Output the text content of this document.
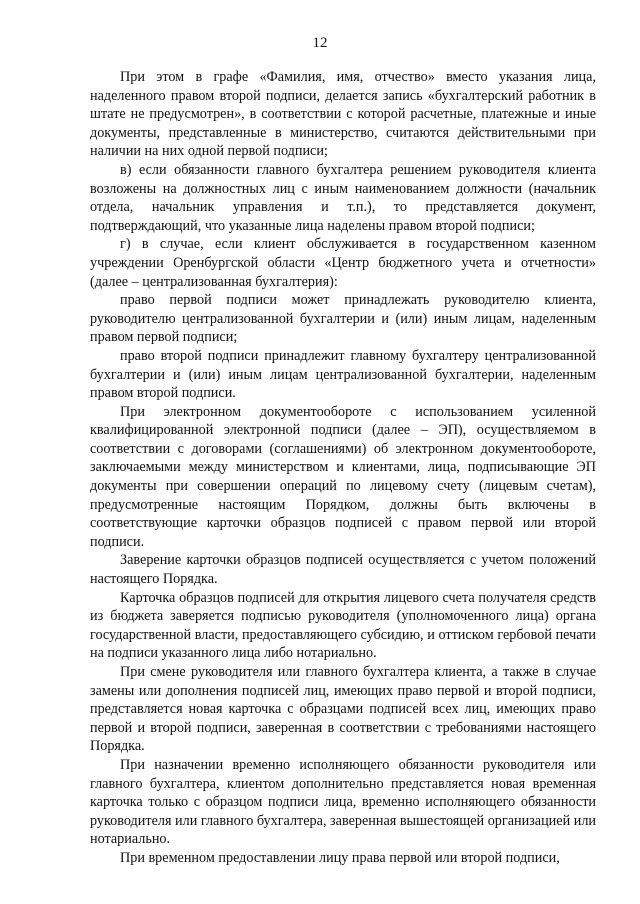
12

При этом в графе «Фамилия, имя, отчество» вместо указания лица, наделенного правом второй подписи, делается запись «бухгалтерский работник в штате не предусмотрен», в соответствии с которой расчетные, платежные и иные документы, представленные в министерство, считаются действительными при наличии на них одной первой подписи;

в) если обязанности главного бухгалтера решением руководителя клиента возложены на должностных лиц с иным наименованием должности (начальник отдела, начальник управления и т.п.), то представляется документ, подтверждающий, что указанные лица наделены правом второй подписи;

г) в случае, если клиент обслуживается в государственном казенном учреждении Оренбургской области «Центр бюджетного учета и отчетности» (далее – централизованная бухгалтерия):

право первой подписи может принадлежать руководителю клиента, руководителю централизованной бухгалтерии и (или) иным лицам, наделенным правом первой подписи;

право второй подписи принадлежит главному бухгалтеру централизованной бухгалтерии и (или) иным лицам централизованной бухгалтерии, наделенным правом второй подписи.

При электронном документообороте с использованием усиленной квалифицированной электронной подписи (далее – ЭП), осуществляемом в соответствии с договорами (соглашениями) об электронном документообороте, заключаемыми между министерством и клиентами, лица, подписывающие ЭП документы при совершении операций по лицевому счету (лицевым счетам), предусмотренные настоящим Порядком, должны быть включены в соответствующие карточки образцов подписей с правом первой или второй подписи.

Заверение карточки образцов подписей осуществляется с учетом положений настоящего Порядка.

Карточка образцов подписей для открытия лицевого счета получателя средств из бюджета заверяется подписью руководителя (уполномоченного лица) органа государственной власти, предоставляющего субсидию, и оттиском гербовой печати на подписи указанного лица либо нотариально.

При смене руководителя или главного бухгалтера клиента, а также в случае замены или дополнения подписей лиц, имеющих право первой и второй подписи, представляется новая карточка с образцами подписей всех лиц, имеющих право первой и второй подписи, заверенная в соответствии с требованиями настоящего Порядка.

При назначении временно исполняющего обязанности руководителя или главного бухгалтера, клиентом дополнительно представляется новая временная карточка только с образцом подписи лица, временно исполняющего обязанности руководителя или главного бухгалтера, заверенная вышестоящей организацией или нотариально.

При временном предоставлении лицу права первой или второй подписи,
